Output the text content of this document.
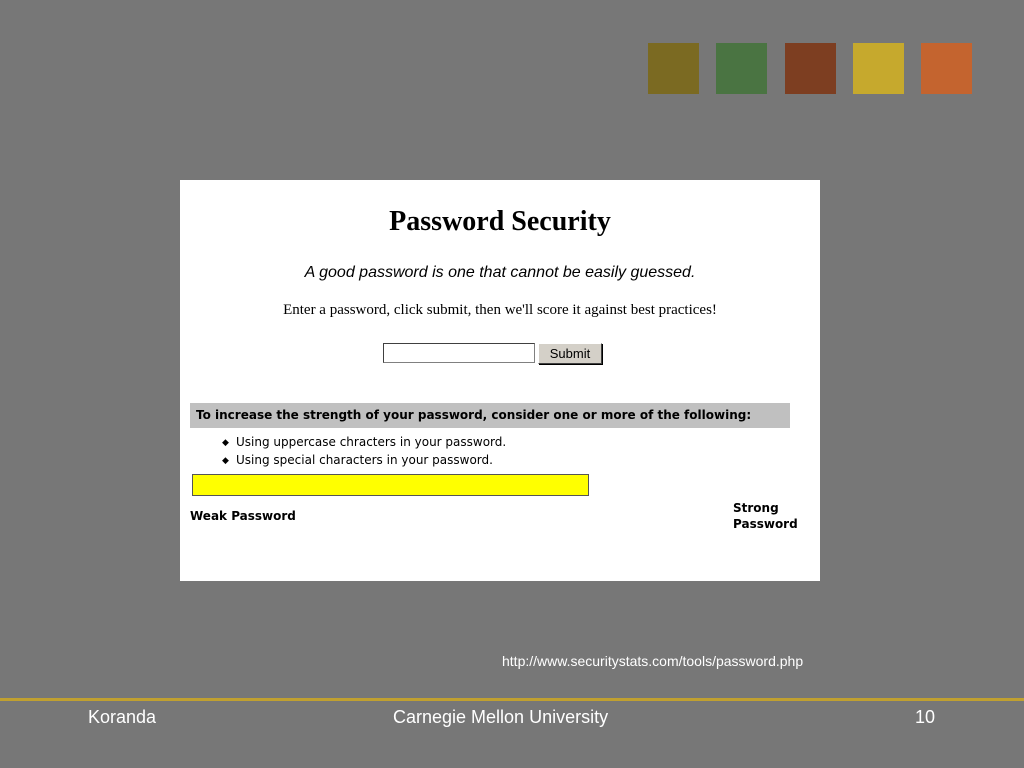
Password Security
A good password is one that cannot be easily guessed.
Enter a password, click submit, then we'll score it against best practices!
Submit
To increase the strength of your password, consider one or more of the following:
◆ Using uppercase chracters in your password.
◆ Using special characters in your password.
Weak Password
Strong
Password
http://www.securitystats.com/tools/password.php
Koranda	Carnegie Mellon University	10
